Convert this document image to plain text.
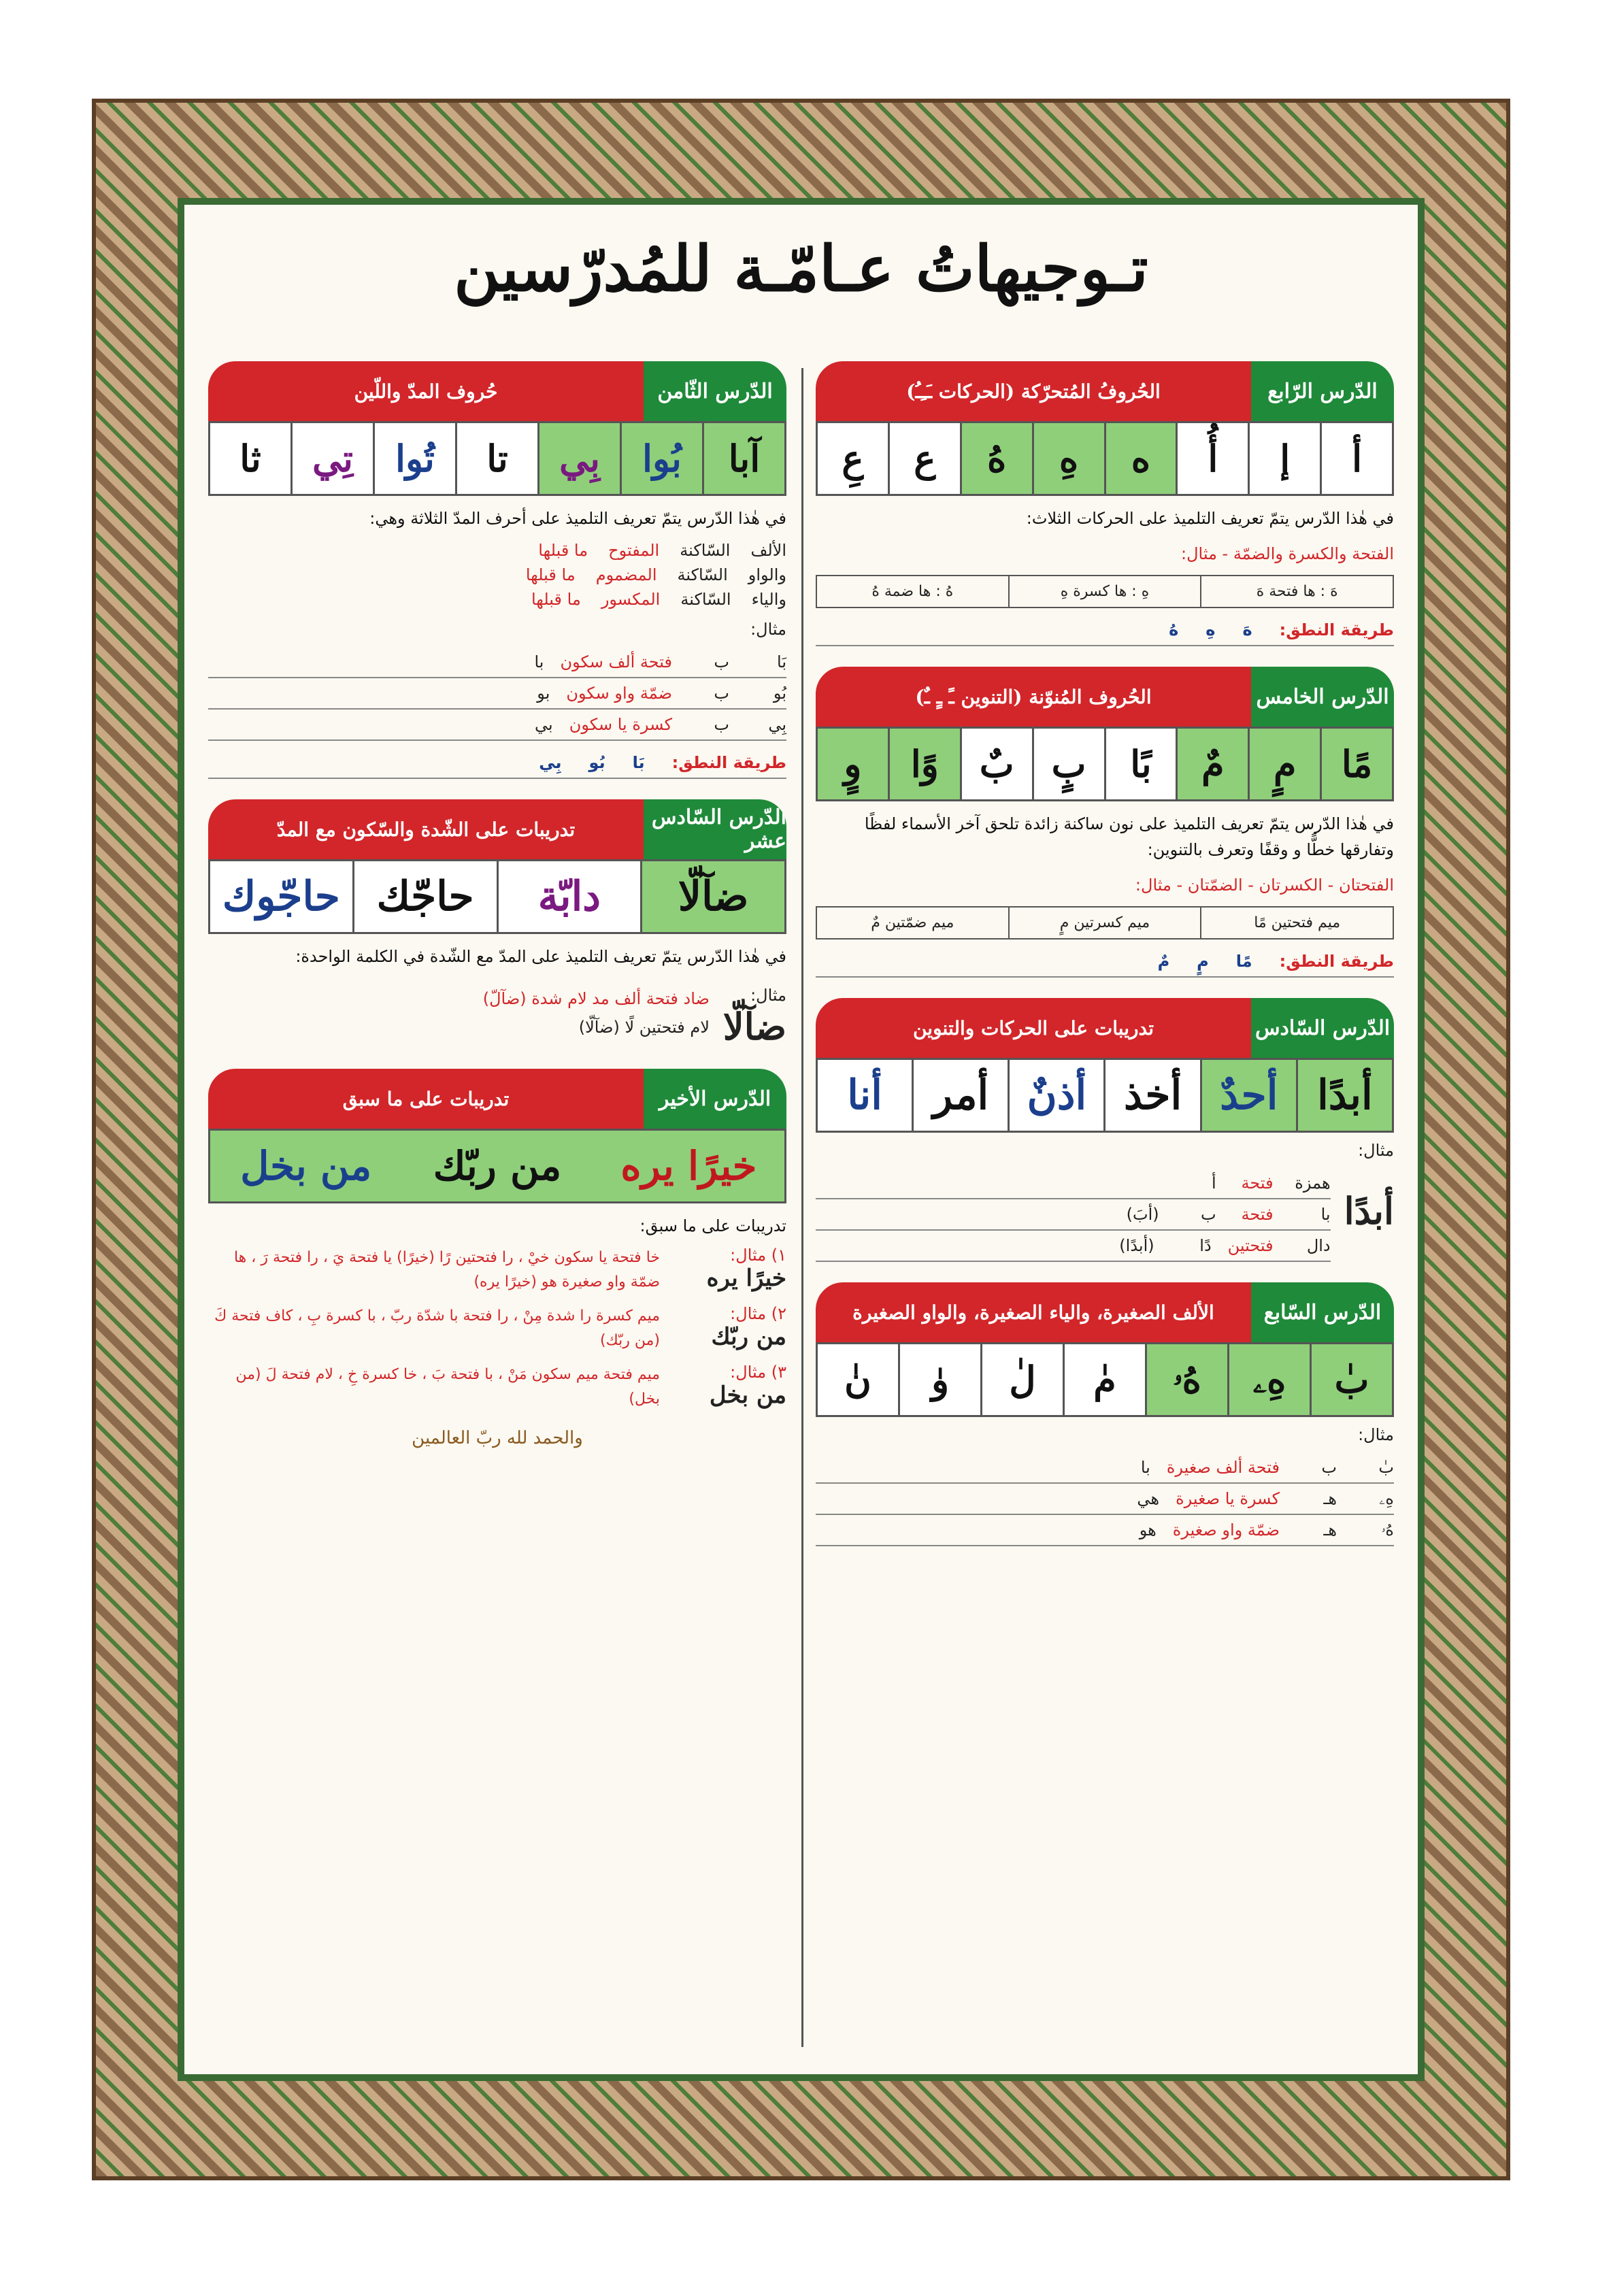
تـوجيهاتُ عـامّـة للمُدرّسين
الدّرس الرّابع
الحُروفُ المُتحرّكة (الحركات ـَـِـُ)
أ
إ
أُ
ه
هِ
هُ
ع
عِ
في هٰذا الدّرس يتمّ تعريف التلميذ على الحركات الثلاث:
الفتحة والكسرة والضمّة - مثال:
هَ : ها فتحة هَ
هِ : ها كسرة هِ
هُ : ها ضمة هُ
طريقة النطق:
هَ
هِ
هُ
الدّرس الخامس
الحُروف المُنوّنة (التنوين ـً ـٍ ـٌ)
مًا
مٍ
مٌ
بًا
بٍ
بٌ
وًا
وٍ
في هٰذا الدّرس يتمّ تعريف التلميذ على نون ساكنة زائدة تلحق آخر الأسماء لفظًا وتفارقها خطًّا و وقفًا وتعرف بالتنوين:
الفتحتان - الكسرتان - الضمّتان - مثال:
ميم فتحتين مًا
ميم كسرتين مٍ
ميم ضمّتين مٌ
طريقة النطق:
مًا
مٍ
مٌ
الدّرس السّادس
تدريبات على الحركات والتنوين
أبدًا
أحدٌ
أخذ
أذنٌ
أمر
أنا
مثال:
أبدًا
همزة
فتحة
أ
با
فتحة
ب
(أبَ)
دال
فتحتين
دًا
(أبدًا)
الدّرس السّابع
الألف الصغيرة، والياء الصغيرة، والواو الصغيرة
بٰ
هِۦ
هُۥ
مٰ
لٰ
وٰ
نٰ
مثال:
بٰ
ب
فتحة ألف صغيرة
با
هِۦ
هـ
كسرة يا صغيرة
هي
هُۥ
هـ
ضمّة واو صغيرة
هو
الدّرس الثّامن
حُروف المدّ واللّين
آبا
بُوا
بِي
تا
تُوا
تِي
ثا
في هٰذا الدّرس يتمّ تعريف التلميذ على أحرف المدّ الثلاثة وهي:
الألف
السّاكنة
المفتوح
ما قبلها
والواو
السّاكنة
المضموم
ما قبلها
والياء
السّاكنة
المكسور
ما قبلها
مثال:
بَا
ب
فتحة ألف سكون
با
بُو
ب
ضمّة واو سكون
بو
بِي
ب
كسرة يا سكون
بي
طريقة النطق:
بَا
بُو
بِي
الدّرس السّادس عشر
تدريبات على الشّدة والسّكون مع المدّ
ضآلّا
دابّة
حاجّك
حاجّوك
في هٰذا الدّرس يتمّ تعريف التلميذ على المدّ مع الشّدة في الكلمة الواحدة:
مثال:
ضآلّا
ضاد فتحة ألف مد لام شدة (ضآلّ)
لام فتحتين لًا (ضآلّا)
الدّرس الأخير
تدريبات على ما سبق
خيرًا يره
من ربّك
من بخل
تدريبات على ما سبق:
١) مثال:
خيرًا يره
خا فتحة يا سكون خيْ ، را فتحتين رًا (خيرًا) يا فتحة يَ ، را فتحة رَ ، ها ضمّة واو صغيرة هو (خيرًا يره)
٢) مثال:
من ربّك
ميم كسرة را شدة مِنْ ، را فتحة با شدّة ربّ ، با كسرة بِ ، كاف فتحة كَ (من ربّك)
٣) مثال:
من بخل
ميم فتحة ميم سكون مَنْ ، با فتحة بَ ، خا كسرة خِ ، لام فتحة لَ (من بخل)
والحمد لله ربّ العالمين
